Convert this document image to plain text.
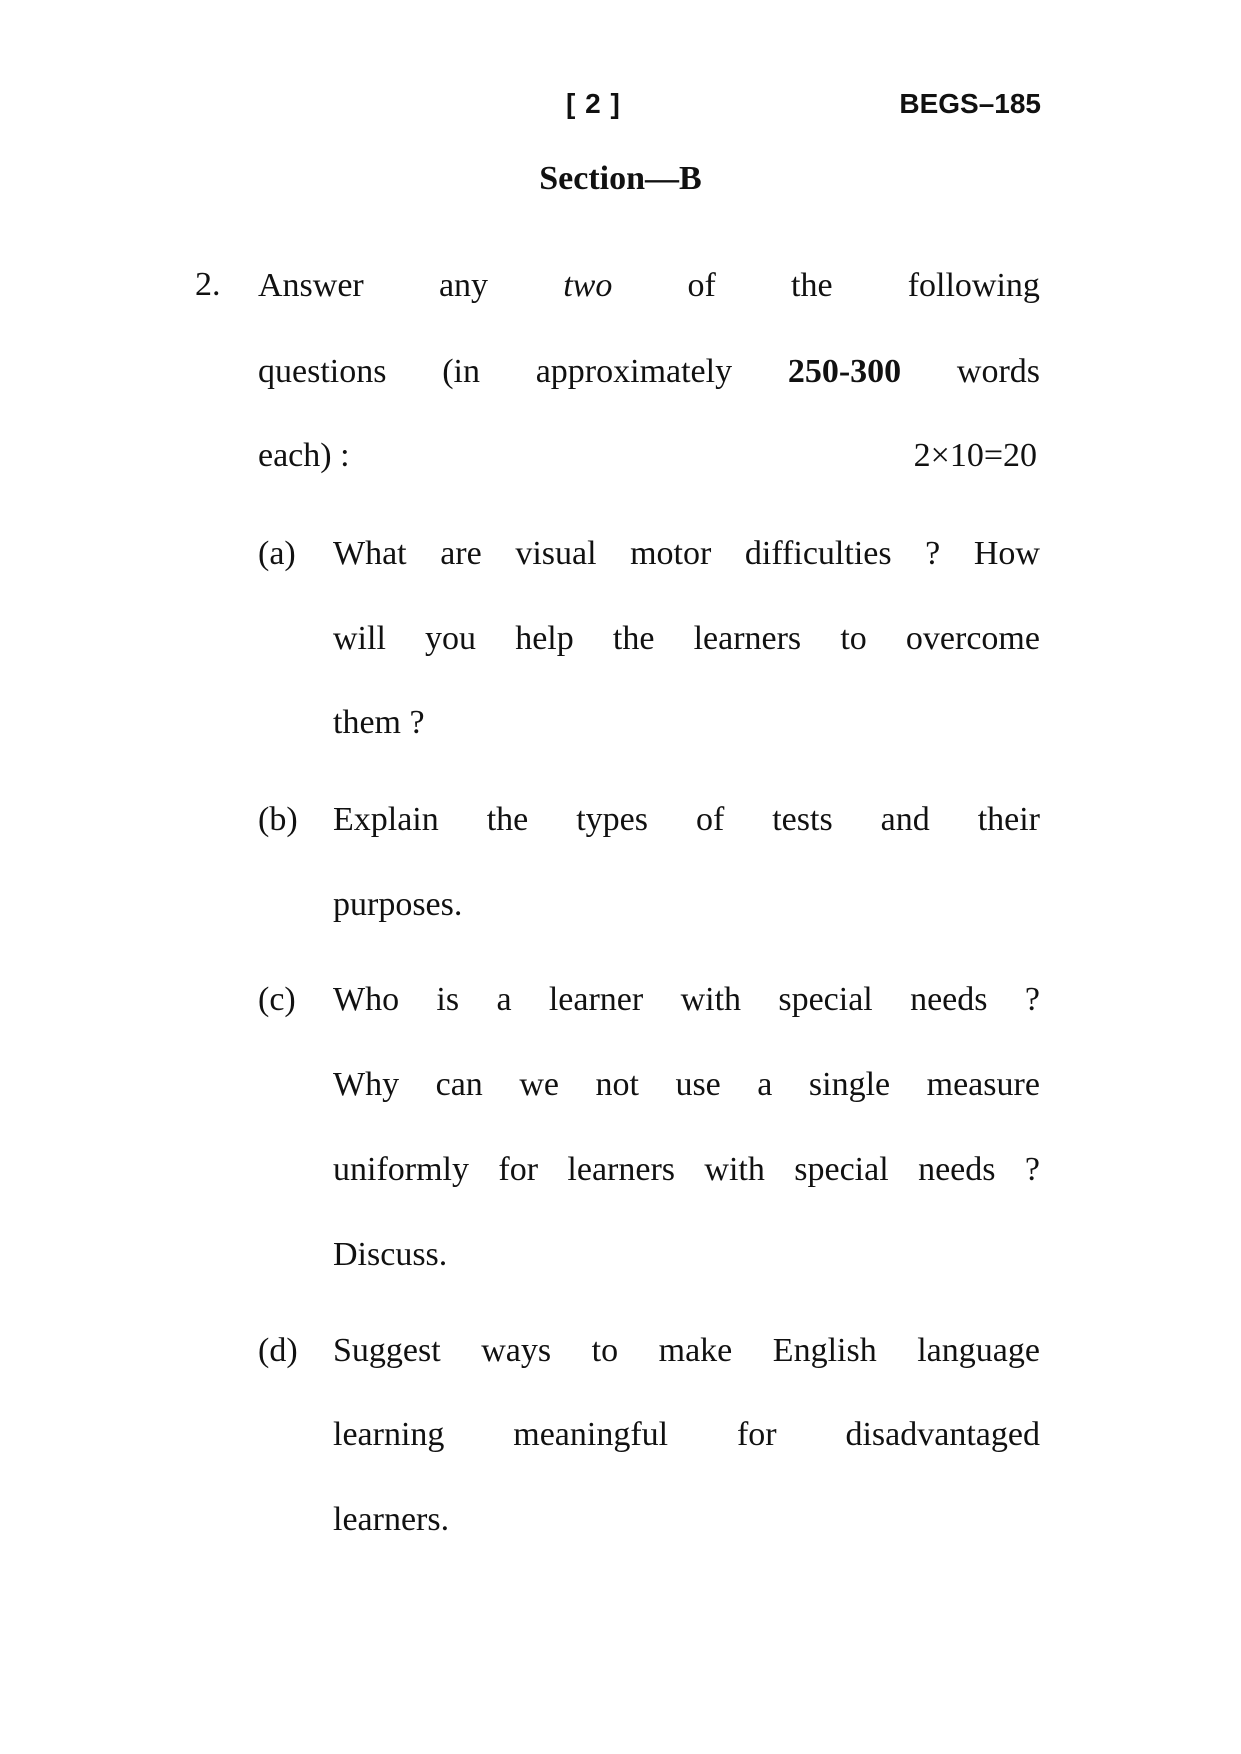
[ 2 ]	BEGS–185
Section—B
2. Answer any two of the following
questions (in approximately 250-300 words
each) :	2×10=20
(a) What are visual motor difficulties ? How
will you help the learners to overcome
them ?
(b) Explain the types of tests and their
purposes.
(c) Who is a learner with special needs ?
Why can we not use a single measure
uniformly for learners with special needs ?
Discuss.
(d) Suggest ways to make English language
learning meaningful for disadvantaged
learners.
